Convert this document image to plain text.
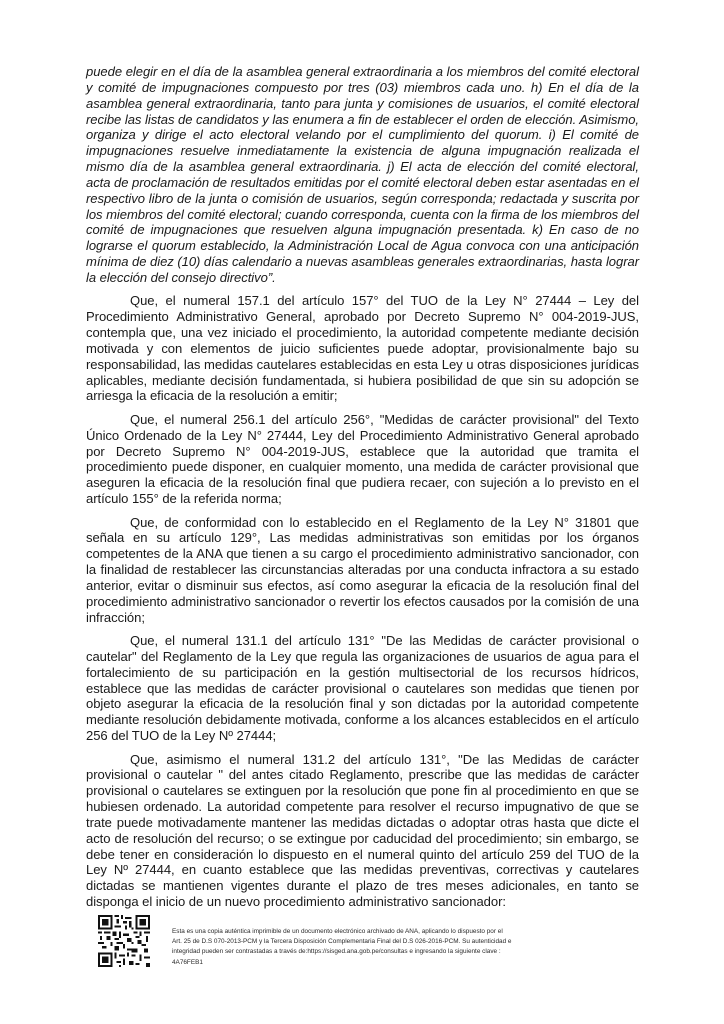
puede elegir en el día de la asamblea general extraordinaria a los miembros del comité electoral y comité de impugnaciones compuesto por tres (03) miembros cada uno. h) En el día de la asamblea general extraordinaria, tanto para junta y comisiones de usuarios, el comité electoral recibe las listas de candidatos y las enumera a fin de establecer el orden de elección. Asimismo, organiza y dirige el acto electoral velando por el cumplimiento del quorum. i) El comité de impugnaciones resuelve inmediatamente la existencia de alguna impugnación realizada el mismo día de la asamblea general extraordinaria. j) El acta de elección del comité electoral, acta de proclamación de resultados emitidas por el comité electoral deben estar asentadas en el respectivo libro de la junta o comisión de usuarios, según corresponda; redactada y suscrita por los miembros del comité electoral; cuando corresponda, cuenta con la firma de los miembros del comité de impugnaciones que resuelven alguna impugnación presentada. k) En caso de no lograrse el quorum establecido, la Administración Local de Agua convoca con una anticipación mínima de diez (10) días calendario a nuevas asambleas generales extraordinarias, hasta lograr la elección del consejo directivo”.

Que, el numeral 157.1 del artículo 157° del TUO de la Ley N° 27444 – Ley del Procedimiento Administrativo General, aprobado por Decreto Supremo N° 004-2019-JUS, contempla que, una vez iniciado el procedimiento, la autoridad competente mediante decisión motivada y con elementos de juicio suficientes puede adoptar, provisionalmente bajo su responsabilidad, las medidas cautelares establecidas en esta Ley u otras disposiciones jurídicas aplicables, mediante decisión fundamentada, si hubiera posibilidad de que sin su adopción se arriesga la eficacia de la resolución a emitir;

Que, el numeral 256.1 del artículo 256°, "Medidas de carácter provisional" del Texto Único Ordenado de la Ley N° 27444, Ley del Procedimiento Administrativo General aprobado por Decreto Supremo N° 004-2019-JUS, establece que la autoridad que tramita el procedimiento puede disponer, en cualquier momento, una medida de carácter provisional que aseguren la eficacia de la resolución final que pudiera recaer, con sujeción a lo previsto en el artículo 155° de la referida norma;

Que, de conformidad con lo establecido en el Reglamento de la Ley N° 31801 que señala en su artículo 129°, Las medidas administrativas son emitidas por los órganos competentes de la ANA que tienen a su cargo el procedimiento administrativo sancionador, con la finalidad de restablecer las circunstancias alteradas por una conducta infractora a su estado anterior, evitar o disminuir sus efectos, así como asegurar la eficacia de la resolución final del procedimiento administrativo sancionador o revertir los efectos causados por la comisión de una infracción;

Que, el numeral 131.1 del artículo 131° "De las Medidas de carácter provisional o cautelar" del Reglamento de la Ley que regula las organizaciones de usuarios de agua para el fortalecimiento de su participación en la gestión multisectorial de los recursos hídricos, establece que las medidas de carácter provisional o cautelares son medidas que tienen por objeto asegurar la eficacia de la resolución final y son dictadas por la autoridad competente mediante resolución debidamente motivada, conforme a los alcances establecidos en el artículo 256 del TUO de la Ley Nº 27444;

Que, asimismo el numeral 131.2 del artículo 131°, "De las Medidas de carácter provisional o cautelar " del antes citado Reglamento, prescribe que las medidas de carácter provisional o cautelares se extinguen por la resolución que pone fin al procedimiento en que se hubiesen ordenado. La autoridad competente para resolver el recurso impugnativo de que se trate puede motivadamente mantener las medidas dictadas o adoptar otras hasta que dicte el acto de resolución del recurso; o se extingue por caducidad del procedimiento; sin embargo, se debe tener en consideración lo dispuesto en el numeral quinto del artículo 259 del TUO de la Ley Nº 27444, en cuanto establece que las medidas preventivas, correctivas y cautelares dictadas se mantienen vigentes durante el plazo de tres meses adicionales, en tanto se disponga el inicio de un nuevo procedimiento administrativo sancionador:

Esta es una copia auténtica imprimible de un documento electrónico archivado de ANA, aplicando lo dispuesto por el
Art. 25 de D.S 070-2013-PCM y la Tercera Disposición Complementaria Final del D.S 026-2016-PCM. Su autenticidad e
integridad pueden ser contrastadas a través de:https://sisged.ana.gob.pe/consultas e ingresando la siguiente clave :
4A76FEB1
